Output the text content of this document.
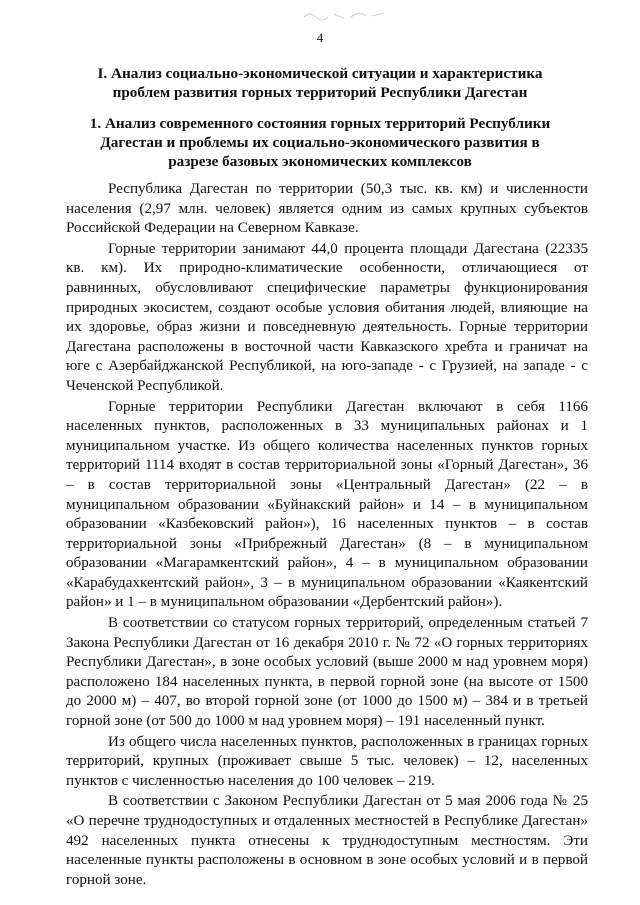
4
I. Анализ социально-экономической ситуации и характеристика проблем развития горных территорий Республики Дагестан
1. Анализ современного состояния горных территорий Республики Дагестан и проблемы их социально-экономического развития в разрезе базовых экономических комплексов

Республика Дагестан по территории (50,3 тыс. кв. км) и численности населения (2,97 млн. человек) является одним из самых крупных субъектов Российской Федерации на Северном Кавказе.

Горные территории занимают 44,0 процента площади Дагестана (22335 кв. км). Их природно-климатические особенности, отличающиеся от равнинных, обусловливают специфические параметры функционирования природных экосистем, создают особые условия обитания людей, влияющие на их здоровье, образ жизни и повседневную деятельность. Горные территории Дагестана расположены в восточной части Кавказского хребта и граничат на юге с Азербайджанской Республикой, на юго-западе - с Грузией, на западе - с Чеченской Республикой.

Горные территории Республики Дагестан включают в себя 1166 населенных пунктов, расположенных в 33 муниципальных районах и 1 муниципальном участке. Из общего количества населенных пунктов горных территорий 1114 входят в состав территориальной зоны «Горный Дагестан», 36 – в состав территориальной зоны «Центральный Дагестан» (22 – в муниципальном образовании «Буйнакский район» и 14 – в муниципальном образовании «Казбековский район»), 16 населенных пунктов – в состав территориальной зоны «Прибрежный Дагестан» (8 – в муниципальном образовании «Магарамкентский район», 4 – в муниципальном образовании «Карабудахкентский район», 3 – в муниципальном образовании «Каякентский район» и 1 – в муниципальном образовании «Дербентский район»).

В соответствии со статусом горных территорий, определенным статьей 7 Закона Республики Дагестан от 16 декабря 2010 г. № 72 «О горных территориях Республики Дагестан», в зоне особых условий (выше 2000 м над уровнем моря) расположено 184 населенных пункта, в первой горной зоне (на высоте от 1500 до 2000 м) – 407, во второй горной зоне (от 1000 до 1500 м) – 384 и в третьей горной зоне (от 500 до 1000 м над уровнем моря) – 191 населенный пункт.

Из общего числа населенных пунктов, расположенных в границах горных территорий, крупных (проживает свыше 5 тыс. человек) – 12, населенных пунктов с численностью населения до 100 человек – 219.

В соответствии с Законом Республики Дагестан от 5 мая 2006 года № 25 «О перечне труднодоступных и отдаленных местностей в Республике Дагестан» 492 населенных пункта отнесены к труднодоступным местностям. Эти населенные пункты расположены в основном в зоне особых условий и в первой горной зоне.
